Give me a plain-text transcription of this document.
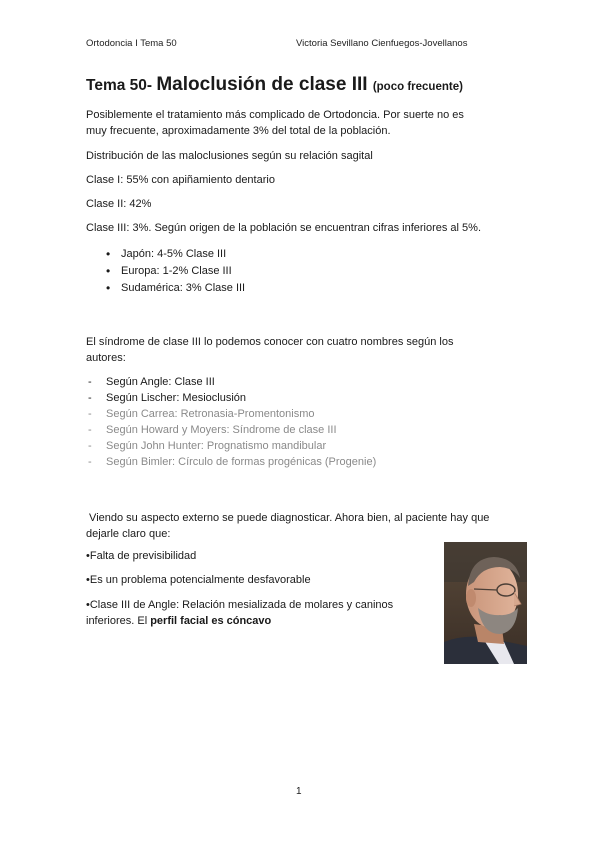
Ortodoncia I Tema 50	Victoria Sevillano Cienfuegos-Jovellanos
Tema 50- Maloclusión de clase III (poco frecuente)
Posiblemente el tratamiento más complicado de Ortodoncia. Por suerte no es
muy frecuente, aproximadamente 3% del total de la población.
Distribución de las maloclusiones según su relación sagital
Clase I: 55% con apiñamiento dentario
Clase II: 42%
Clase III: 3%. Según origen de la población se encuentran cifras inferiores al 5%.
• Japón: 4-5% Clase III
• Europa: 1-2% Clase III
• Sudamérica: 3% Clase III
El síndrome de clase III lo podemos conocer con cuatro nombres según los
autores:
- Según Angle: Clase III
- Según Lischer: Mesioclusión
- Según Carrea: Retronasia-Promentonismo
- Según Howard y Moyers: Síndrome de clase III
- Según John Hunter: Prognatismo mandibular
- Según Bimler: Círculo de formas progénicas (Progenie)
Viendo su aspecto externo se puede diagnosticar. Ahora bien, al paciente hay que
dejarle claro que:
•Falta de previsibilidad
•Es un problema potencialmente desfavorable
•Clase III de Angle: Relación mesializada de molares y caninos
inferiores. El perfil facial es cóncavo
1
